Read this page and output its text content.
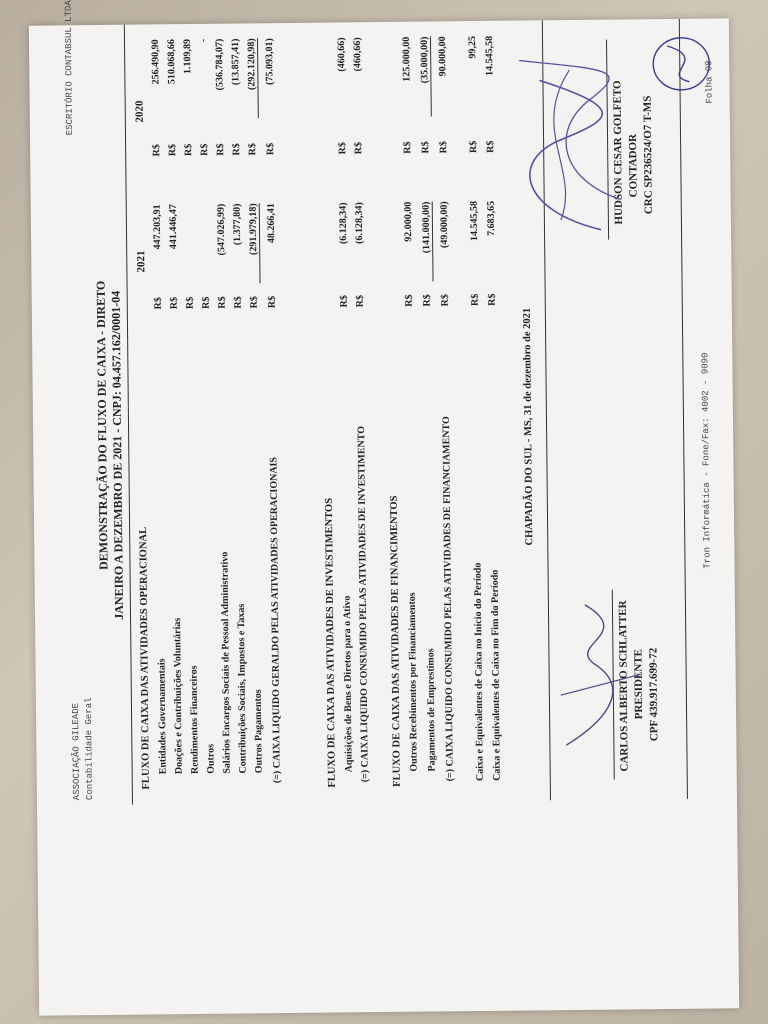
ASSOCIAÇÃO GILEADE Contabilidade Geral
ESCRITÓRIO CONTABSUL LTDA
DEMONSTRAÇÃO DO FLUXO DE CAIXA - DIRETO
JANEIRO A DEZEMBRO DE 2021 - CNPJ: 04.457.162/0001-04
2021
2020
FLUXO DE CAIXA DAS ATIVIDADES OPERACIONAL	FLUXO DE CAIXA DAS ATIVIDADES DE INVESTIMENTOS	FLUXO DE CAIXA DAS ATIVIDADES DE FINANCIMENTOS
CHAPADÃO DO SUL - MS, 31 de dezembro de 2021
CARLOS ALBERTO SCHLATTER PRESIDENTE CPF 439.917.699-72
HUDSON CESAR GOLFETO CONTADOR CRC SP236524/O7 T-MS
Tron Informática - Fone/Fax: 4002 - 9090
Folha 08
Entidades Governamentais
R$
447.203,91
R$
256.490,90
Doações e Contribuições Voluntárias
R$
441.446,47
R$
510.068,66
Rendimentos Financeiros
R$
R$
1.109,89
Outros
R$
R$
-
Salários Encargos Sociais de Pessoal Administrativo
R$
(547.026,99)
R$
(536.784,07)
Contribuições Sociais, Impostos e Taxas
R$
(1.377,80)
R$
(13.857,41)
Outros Pagamentos
R$
(291.979,18)
R$
(292.120,98)
(=) CAIXA LIQUIDO GERALDO PELAS ATIVIDADES OPERACIONAIS
R$
48.266,41
R$
(75.093,01)
Aquisições de Bens e Diretos para o Ativo
R$
(6.128,34)
R$
(460,66)
(=) CAIXA LIQUIDO CONSUMIDO PELAS ATIVIDADES DE INVESTIMENTO
R$
(6.128,34)
R$
(460,66)
Outros Recebimentos por Financiamentos
R$
92.000,00
R$
125.000,00
Pagamentos de Emprestimos
R$
(141.000,00)
R$
(35.000,00)
(=) CAIXA LIQUIDO CONSUMIDO PELAS ATIVIDADES DE FINANCIAMENTO
R$
(49.000,00)
R$
90.000,00
Caixa e Equivalentes de Caixa no Início do Período
R$
14.545,58
R$
99,25
Caixa e Equivalentes de Caixa no Fim do Período
R$
7.683,65
R$
14.545,58
